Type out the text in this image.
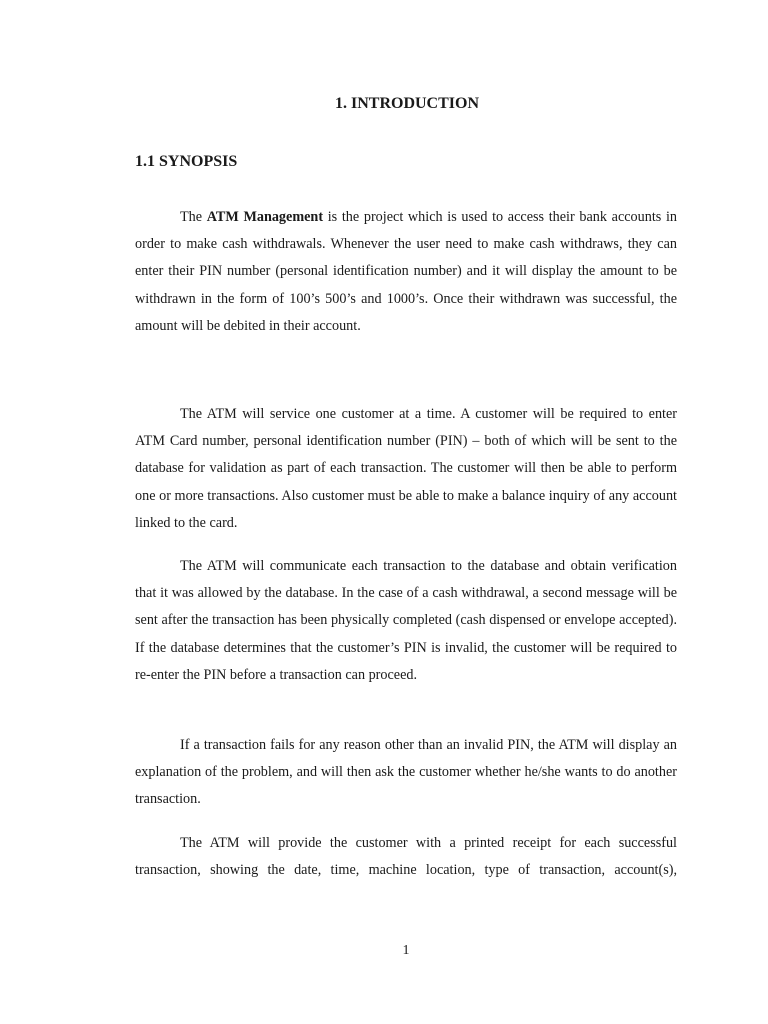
1. INTRODUCTION
1.1 SYNOPSIS

The ATM Management is the project which is used to access their bank accounts in order to make cash withdrawals. Whenever the user need to make cash withdraws, they can enter their PIN number (personal identification number) and it will display the amount to be withdrawn in the form of 100’s 500’s and 1000’s. Once their withdrawn was successful, the amount will be debited in their account.

The ATM will service one customer at a time. A customer will be required to enter ATM Card number, personal identification number (PIN) – both of which will be sent to the database for validation as part of each transaction. The customer will then be able to perform one or more transactions. Also customer must be able to make a balance inquiry of any account linked to the card.

The ATM will communicate each transaction to the database and obtain verification that it was allowed by the database. In the case of a cash withdrawal, a second message will be sent after the transaction has been physically completed (cash dispensed or envelope accepted). If the database determines that the customer’s PIN is invalid, the customer will be required to re-enter the PIN before a transaction can proceed.

If a transaction fails for any reason other than an invalid PIN, the ATM will display an explanation of the problem, and will then ask the customer whether he/she wants to do another transaction.

The ATM will provide the customer with a printed receipt for each successful transaction, showing the date, time, machine location, type of transaction, account(s),

1
